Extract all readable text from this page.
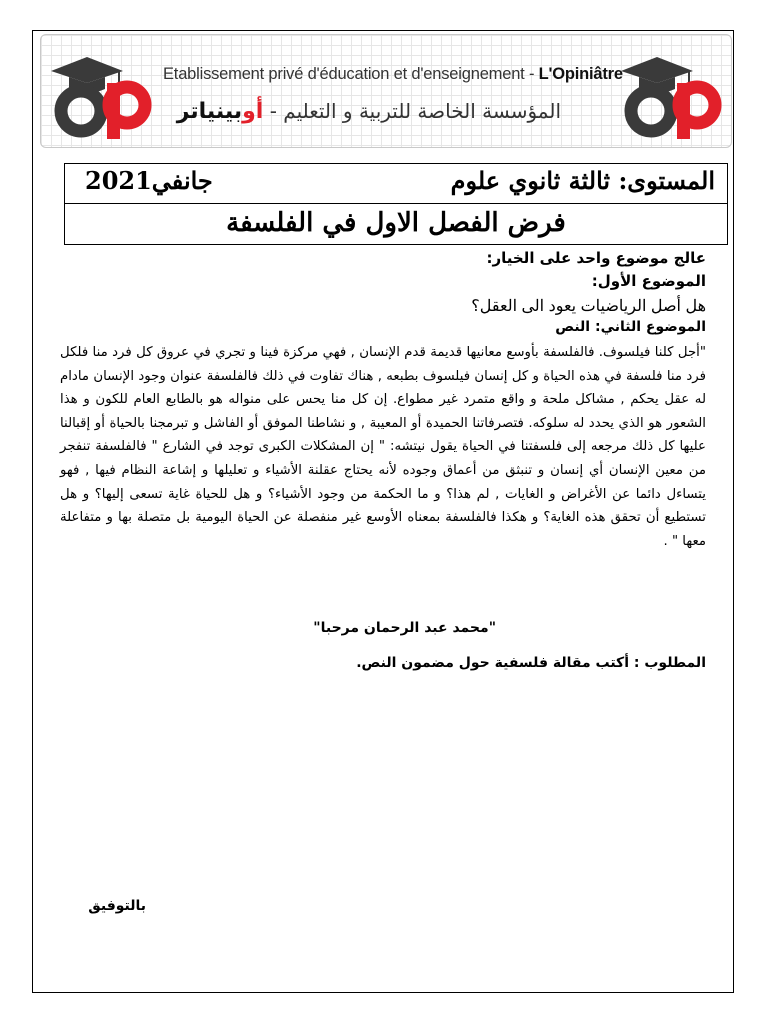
Etablissement privé d'éducation et d'enseignement - L'Opiniâtre
المؤسسة الخاصة للتربية و التعليم - أوبينياتر
المستوى: ثالثة ثانوي علوم
جانفي2021
فرض الفصل الاول في الفلسفة
عالج موضوع واحد على الخيار:
الموضوع الأول:
هل أصل الرياضيات يعود الى العقل؟
الموضوع الثاني: النص

"أجل كلنا فيلسوف. فالفلسفة بأوسع معانيها قديمة قدم الإنسان , فهي مركزة فينا و تجري في عروق كل فرد منا فلكل فرد منا فلسفة في هذه الحياة و كل إنسان فيلسوف بطبعه , هناك تفاوت في ذلك فالفلسفة عنوان وجود الإنسان مادام له عقل يحكم , مشاكل ملحة و واقع متمرد غير مطواع. إن كل منا يحس على منواله هو بالطابع العام للكون و هذا الشعور هو الذي يحدد له سلوكه. فتصرفاتنا الحميدة أو المعيبة , و نشاطنا الموفق أو الفاشل و تبرمجنا بالحياة أو إقبالنا عليها كل ذلك مرجعه إلى فلسفتنا في الحياة يقول نيتشه: " إن المشكلات الكبرى توجد في الشارع " فالفلسفة تنفجر من معين الإنسان أي إنسان و تنبثق من أعماق وجوده لأنه يحتاج عقلنة الأشياء و تعليلها و إشاعة النظام فيها , فهو يتساءل دائما عن الأغراض و الغايات , لم هذا؟ و ما الحكمة من وجود الأشياء؟ و هل للحياة غاية تسعى إليها؟ و هل تستطيع أن تحقق هذه الغاية؟ و هكذا فالفلسفة بمعناه الأوسع غير منفصلة عن الحياة اليومية بل متصلة بها و متفاعلة معها " .

"محمد عبد الرحمان مرحبا"
المطلوب : أكتب مقالة فلسفية حول مضمون النص.
بالتوفيق
